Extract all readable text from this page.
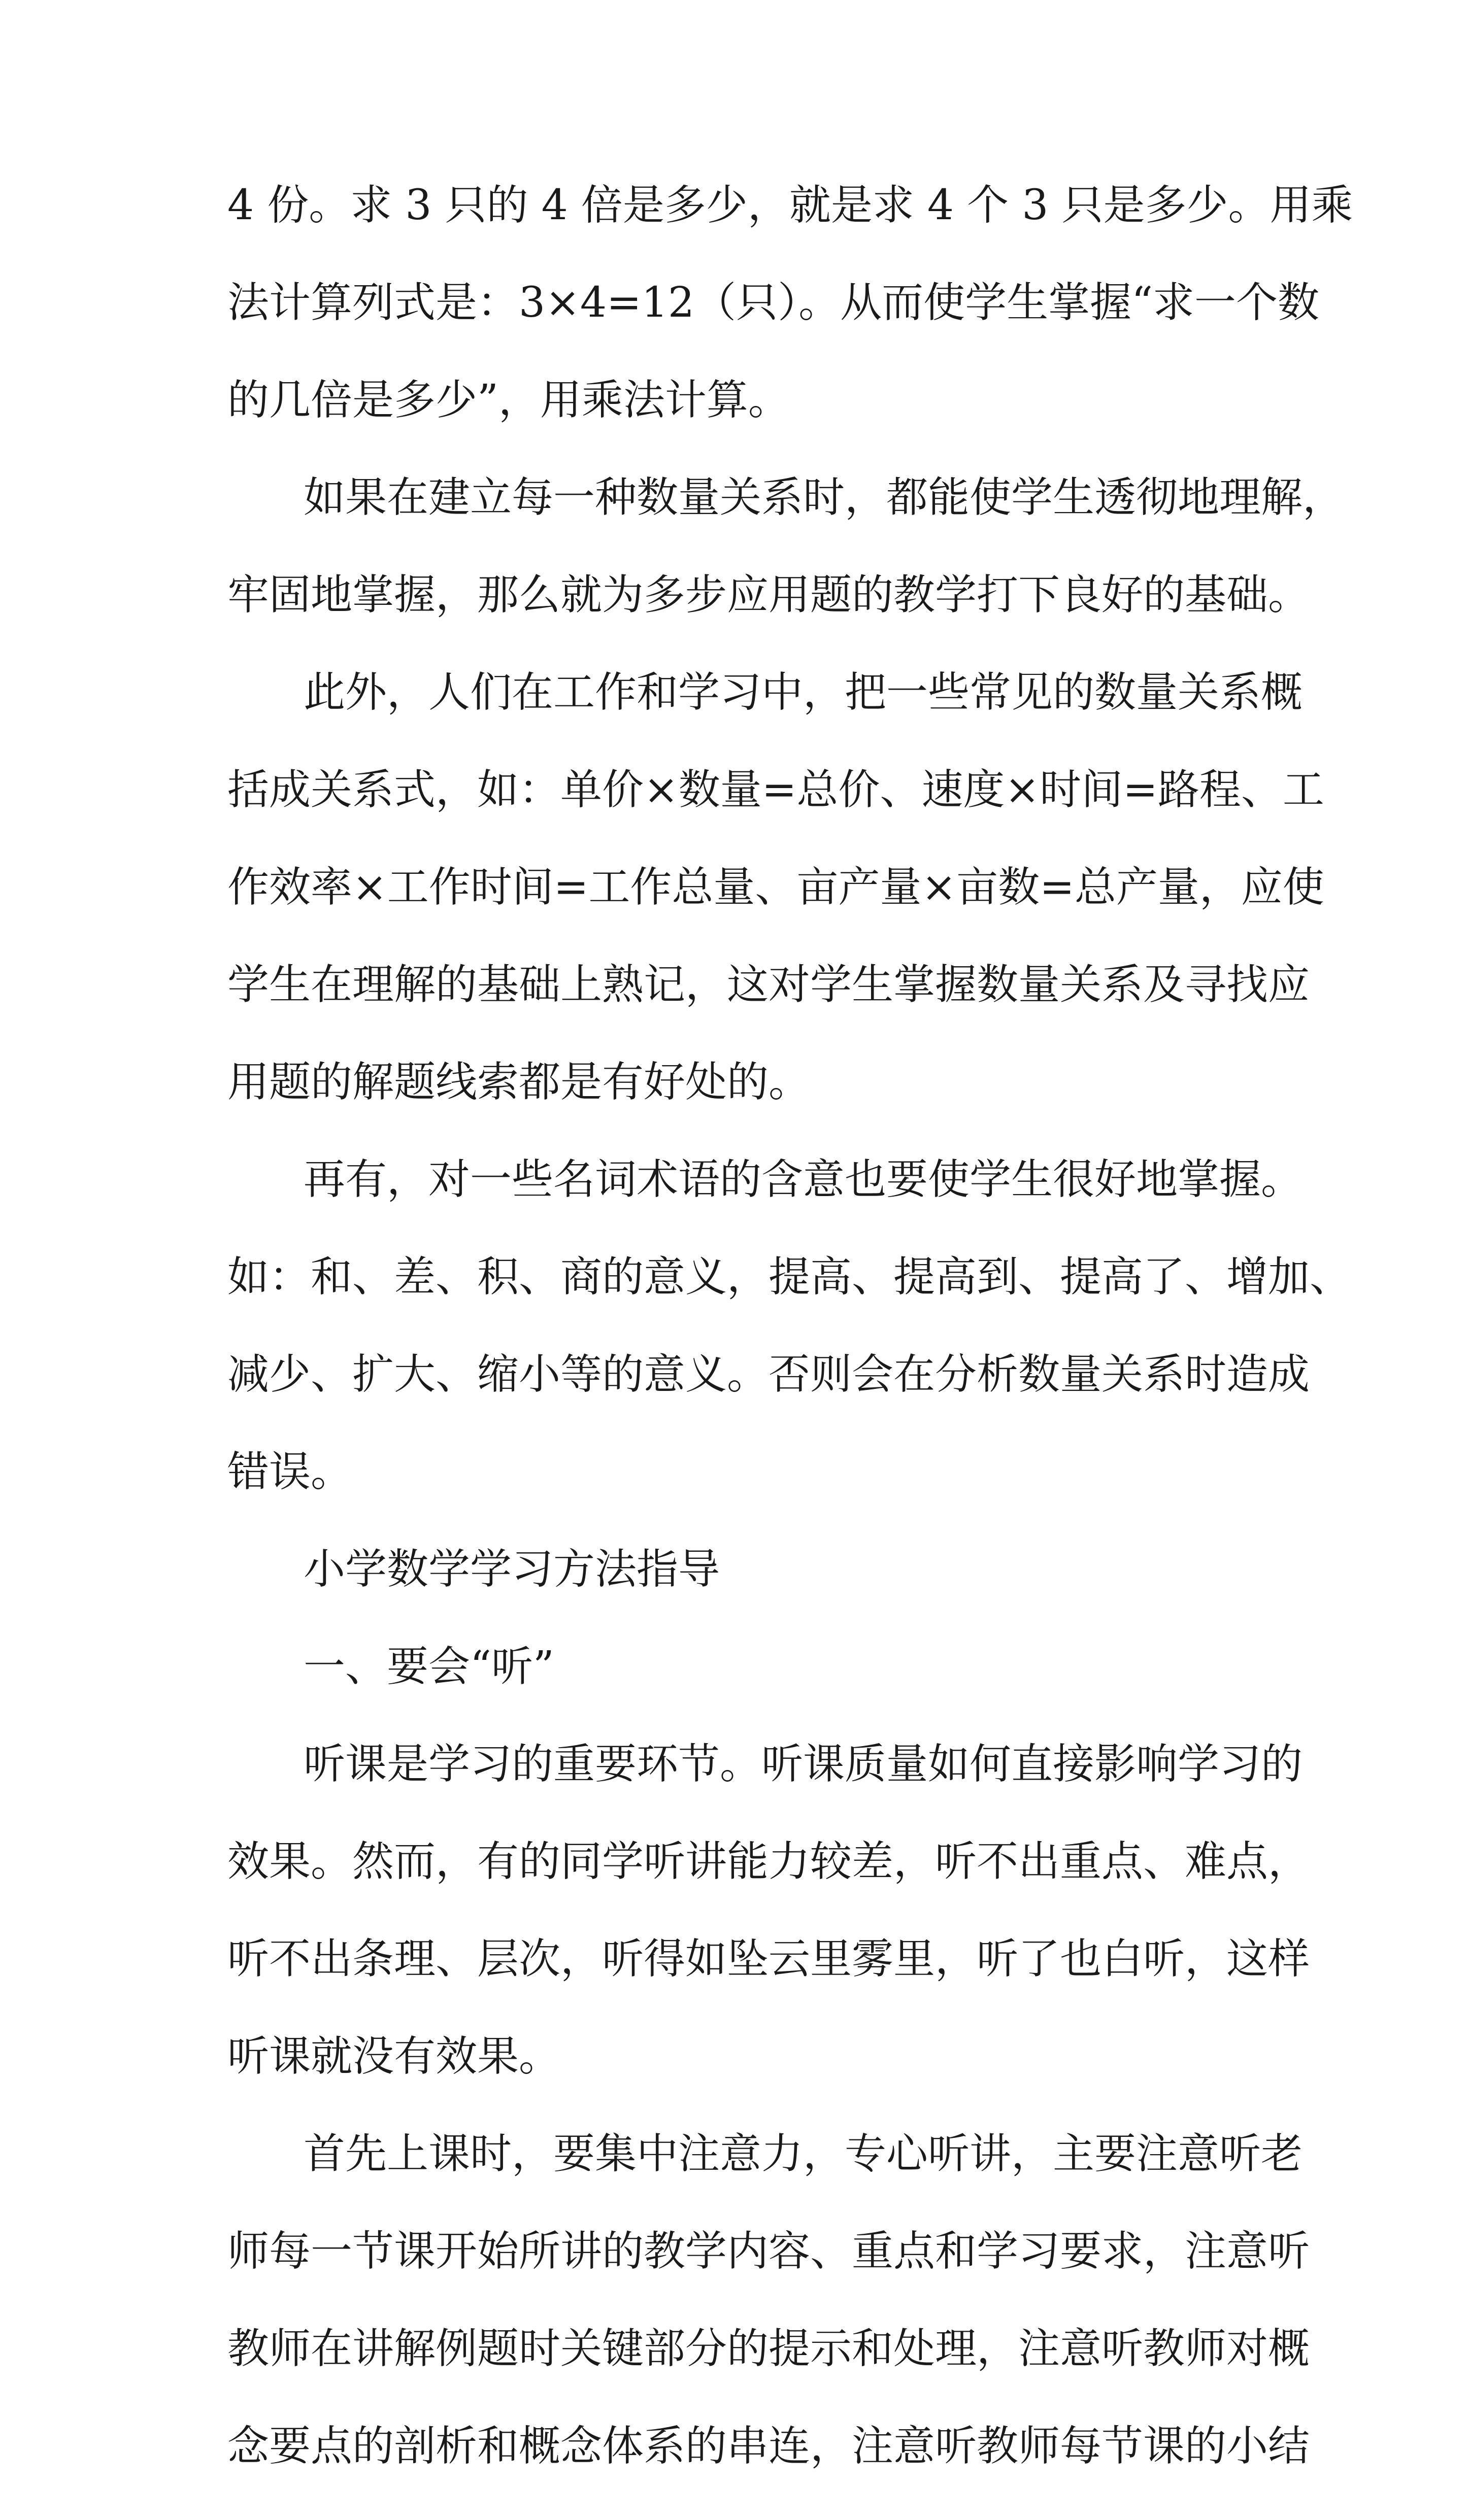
4 份。求 3 只的 4 倍是多少，就是求 4 个 3 只是多少。用乘
法计算列式是：3×4=12（只）。从而使学生掌握“求一个数
的几倍是多少”，用乘法计算。
如果在建立每一种数量关系时，都能使学生透彻地理解，
牢固地掌握，那么就为多步应用题的教学打下良好的基础。
此外，人们在工作和学习中，把一些常见的数量关系概
括成关系式，如：单价×数量=总价、速度×时间=路程、工
作效率×工作时间=工作总量、亩产量×亩数=总产量，应使
学生在理解的基础上熟记，这对学生掌握数量关系及寻找应
用题的解题线索都是有好处的。
再有，对一些名词术语的含意也要使学生很好地掌握。
如：和、差、积、商的意义，提高、提高到、提高了、增加、
减少、扩大、缩小等的意义。否则会在分析数量关系时造成
错误。
小学数学学习方法指导
一、要会“听”
听课是学习的重要环节。听课质量如何直接影响学习的
效果。然而，有的同学听讲能力较差，听不出重点、难点，
听不出条理、层次，听得如坠云里雾里，听了也白听，这样
听课就没有效果。
首先上课时，要集中注意力，专心听讲，主要注意听老
师每一节课开始所讲的教学内容、重点和学习要求，注意听
教师在讲解例题时关键部分的提示和处理，注意听教师对概
念要点的剖析和概念体系的串连，注意听教师每节课的小结
